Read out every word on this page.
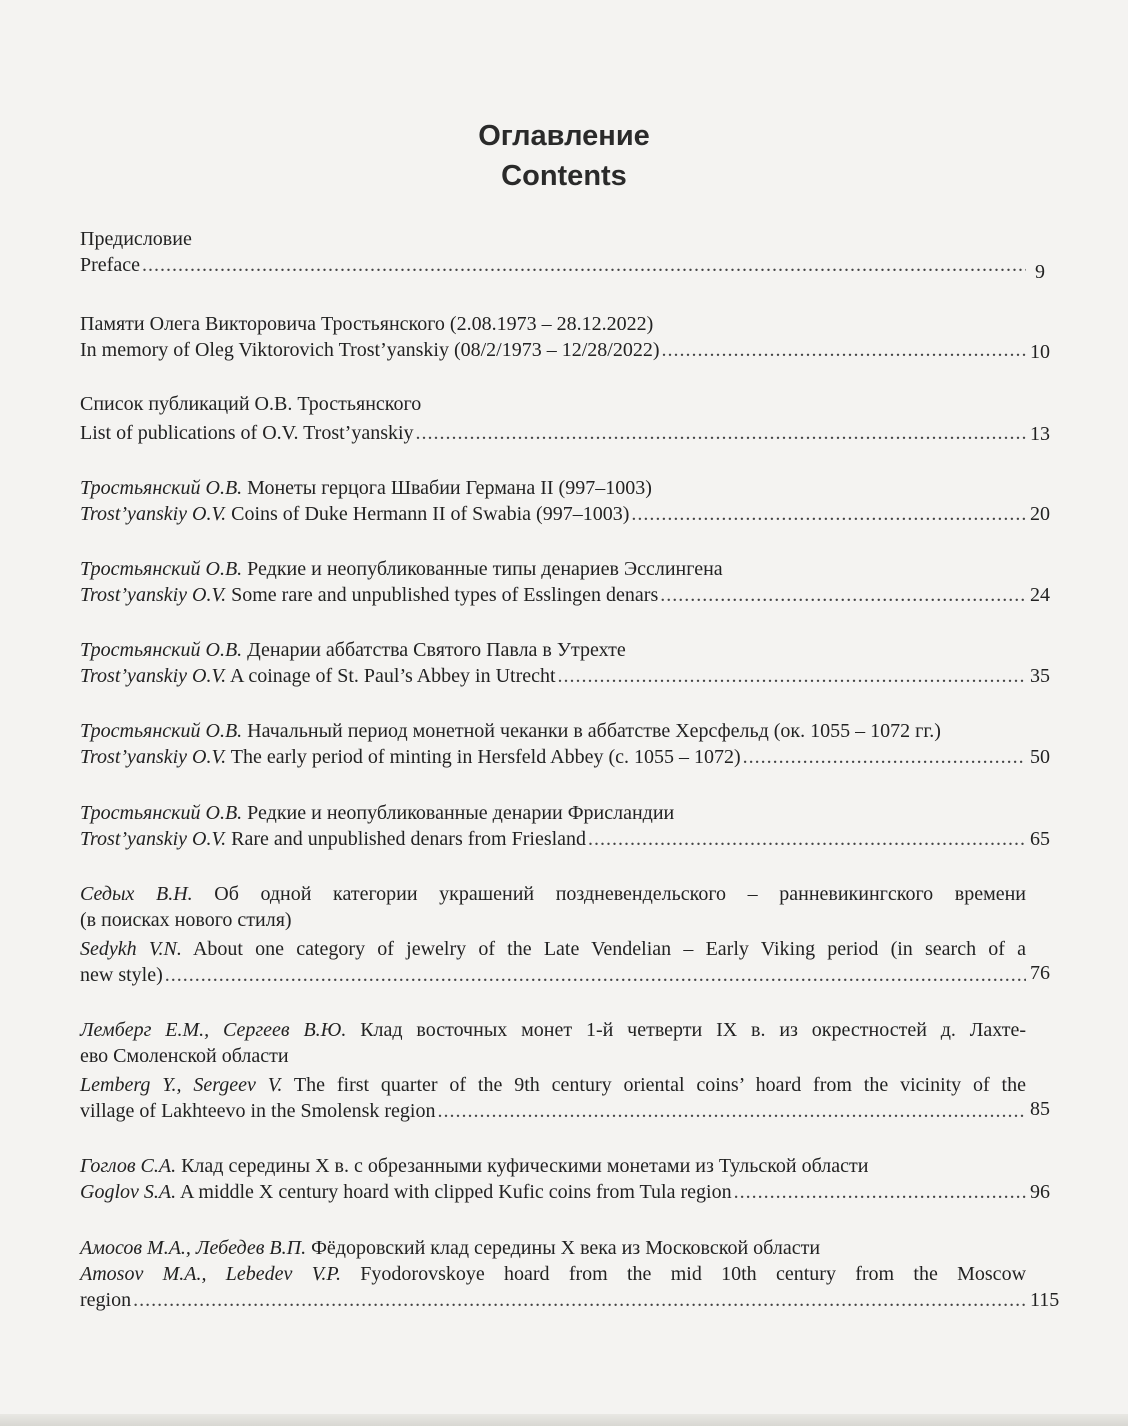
Оглавление
Contents
Предисловие
Preface .....	9
Памяти Олега Викторовича Тростьянского (2.08.1973 – 28.12.2022)
In memory of Oleg Viktorovich Trost’yanskiy (08/2/1973 – 12/28/2022) .....	10
Список публикаций О.В. Тростьянского
List of publications of O.V. Trost’yanskiy .....	13
Тростьянский О.В. Монеты герцога Швабии Германа II (997–1003)
Trost’yanskiy O.V. Coins of Duke Hermann II of Swabia (997–1003) .....	20
Тростьянский О.В. Редкие и неопубликованные типы денариев Эсслингена
Trost’yanskiy O.V. Some rare and unpublished types of Esslingen denars .....	24
Тростьянский О.В. Денарии аббатства Святого Павла в Утрехте
Trost’yanskiy O.V. A coinage of St. Paul’s Abbey in Utrecht .....	35
Тростьянский О.В. Начальный период монетной чеканки в аббатстве Херсфельд (ок. 1055 – 1072 гг.)
Trost’yanskiy O.V. The early period of minting in Hersfeld Abbey (c. 1055 – 1072) .....	50
Тростьянский О.В. Редкие и неопубликованные денарии Фрисландии
Trost’yanskiy O.V. Rare and unpublished denars from Friesland .....	65
Седых В.Н. Об одной категории украшений поздневендельского – ранневикингского времени
(в поисках нового стиля)
Sedykh V.N. About one category of jewelry of the Late Vendelian – Early Viking period (in search of a
new style) .....	76
Лемберг Е.М., Сергеев В.Ю. Клад восточных монет 1-й четверти IX в. из окрестностей д. Лахте-
ево Смоленской области
Lemberg Y., Sergeev V. The first quarter of the 9th century oriental coins’ hoard from the vicinity of the
village of Lakhteevo in the Smolensk region .....	85
Гоглов С.А. Клад середины X в. с обрезанными куфическими монетами из Тульской области
Goglov S.A. A middle X century hoard with clipped Kufic coins from Tula region .....	96
Амосов М.А., Лебедев В.П. Фёдоровский клад середины X века из Московской области
Amosov M.A., Lebedev V.P. Fyodorovskoye hoard from the mid 10th century from the Moscow
region .....	115
